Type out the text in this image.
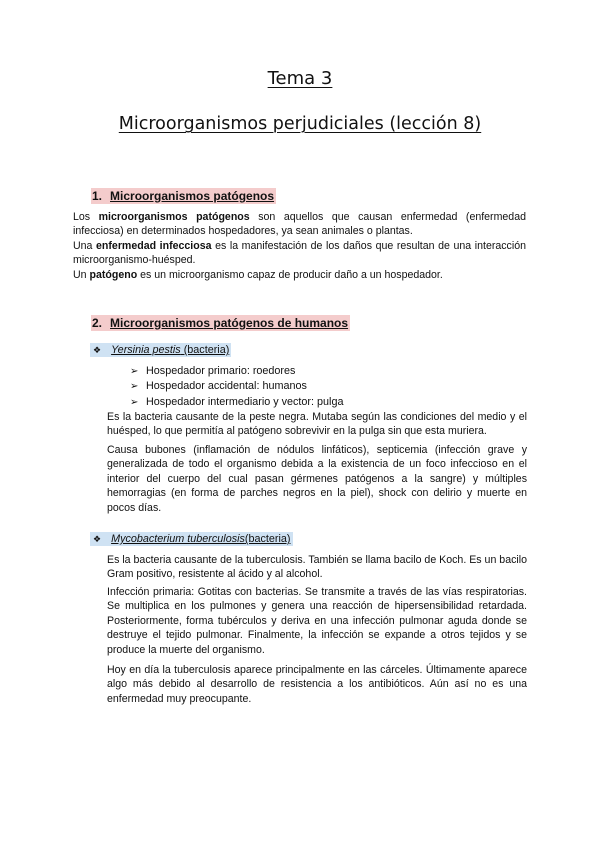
Tema 3
Microorganismos perjudiciales (lección 8)
1. Microorganismos patógenos
Los microorganismos patógenos son aquellos que causan enfermedad (enfermedad infecciosa) en determinados hospedadores, ya sean animales o plantas.
Una enfermedad infecciosa es la manifestación de los daños que resultan de una interacción microorganismo-huésped.
Un patógeno es un microorganismo capaz de producir daño a un hospedador.
2. Microorganismos patógenos de humanos
❖ Yersinia pestis (bacteria)
➢ Hospedador primario: roedores
➢ Hospedador accidental: humanos
➢ Hospedador intermediario y vector: pulga
Es la bacteria causante de la peste negra. Mutaba según las condiciones del medio y el huésped, lo que permitía al patógeno sobrevivir en la pulga sin que esta muriera.
Causa bubones (inflamación de nódulos linfáticos), septicemia (infección grave y generalizada de todo el organismo debida a la existencia de un foco infeccioso en el interior del cuerpo del cual pasan gérmenes patógenos a la sangre) y múltiples hemorragias (en forma de parches negros en la piel), shock con delirio y muerte en pocos días.
❖ Mycobacterium tuberculosis(bacteria)
Es la bacteria causante de la tuberculosis. También se llama bacilo de Koch. Es un bacilo Gram positivo, resistente al ácido y al alcohol.
Infección primaria: Gotitas con bacterias. Se transmite a través de las vías respiratorias. Se multiplica en los pulmones y genera una reacción de hipersensibilidad retardada. Posteriormente, forma tubérculos y deriva en una infección pulmonar aguda donde se destruye el tejido pulmonar. Finalmente, la infección se expande a otros tejidos y se produce la muerte del organismo.
Hoy en día la tuberculosis aparece principalmente en las cárceles. Últimamente aparece algo más debido al desarrollo de resistencia a los antibióticos. Aún así no es una enfermedad muy preocupante.
